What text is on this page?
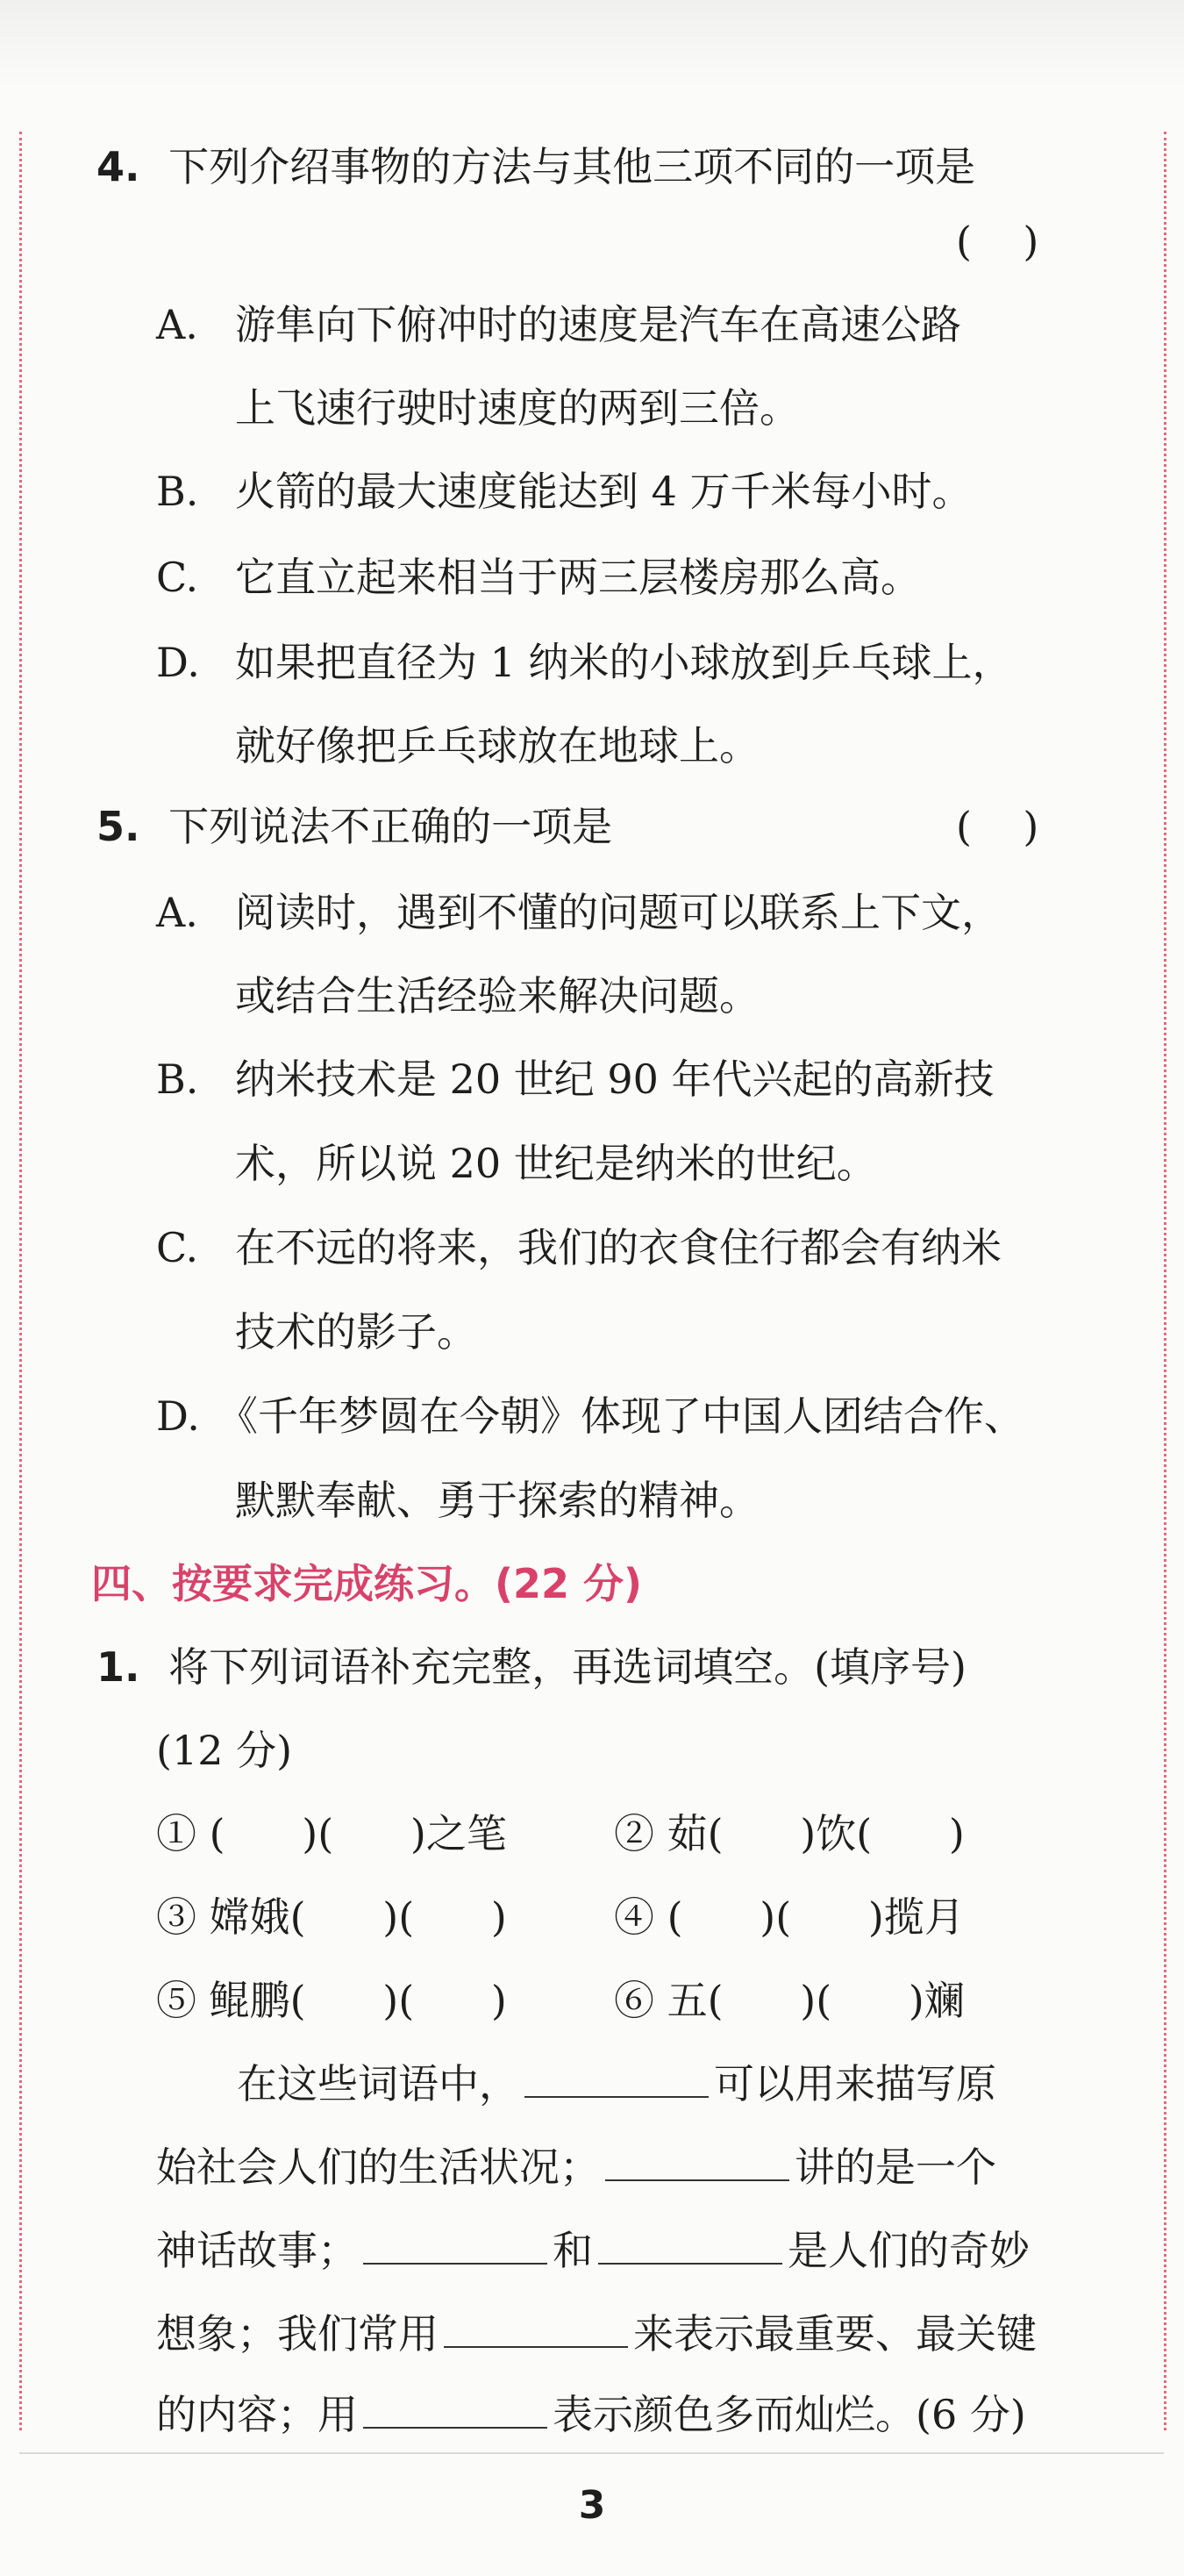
4. 下列介绍事物的方法与其他三项不同的一项是
(    )
A. 游隼向下俯冲时的速度是汽车在高速公路
上飞速行驶时速度的两到三倍。
B. 火箭的最大速度能达到 4 万千米每小时。
C. 它直立起来相当于两三层楼房那么高。
D. 如果把直径为 1 纳米的小球放到乒乓球上，
就好像把乒乓球放在地球上。
5. 下列说法不正确的一项是	(    )
A. 阅读时，遇到不懂的问题可以联系上下文，
或结合生活经验来解决问题。
B. 纳米技术是 20 世纪 90 年代兴起的高新技
术，所以说 20 世纪是纳米的世纪。
C. 在不远的将来，我们的衣食住行都会有纳米
技术的影子。
D. 《千年梦圆在今朝》体现了中国人团结合作、
默默奉献、勇于探索的精神。
四、按要求完成练习。(22 分)
1. 将下列词语补充完整，再选词填空。(填序号)
(12 分)
① (      )(      )之笔	② 茹(      )饮(      )
③ 嫦娥(      )(      )	④ (      )(      )揽月
⑤ 鲲鹏(      )(      )	⑥ 五(      )(      )斓
在这些词语中，	可以用来描写原
始社会人们的生活状况；	讲的是一个
神话故事；	和	是人们的奇妙
想象；我们常用	来表示最重要、最关键
的内容；用	表示颜色多而灿烂。(6 分)
3
